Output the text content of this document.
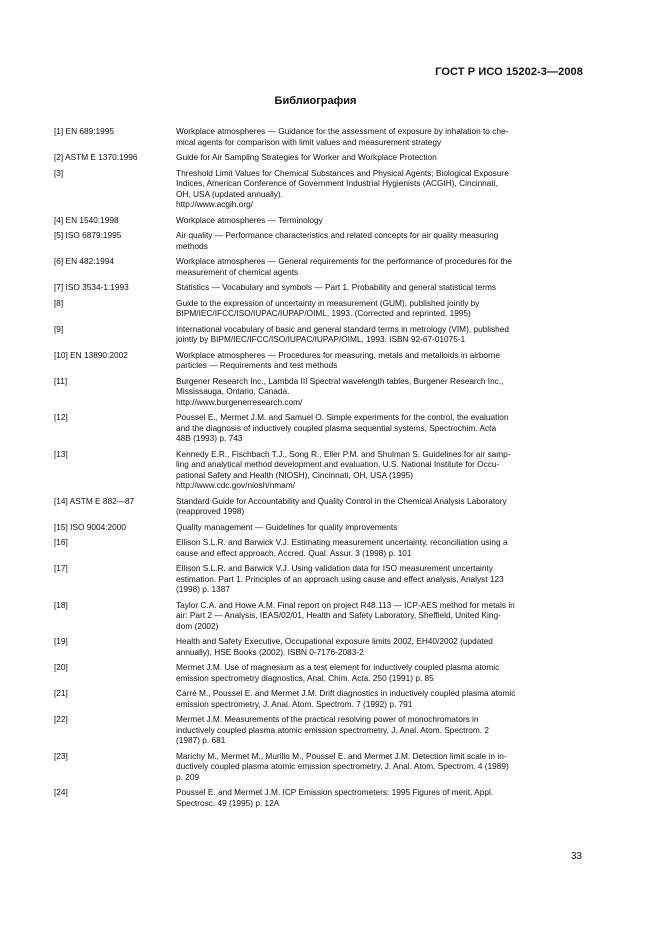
ГОСТ Р ИСО 15202-3—2008
Библиография
[1] EN 689:1995	Workplace atmospheres — Guidance for the assessment of exposure by inhalation to che-
mical agents for comparison with limit values and measurement strategy
[2] ASTM E 1370:1996	Guide for Air Sampling Strategies for Worker and Workplace Protection
[3]	Threshold Limit Values for Chemical Substances and Physical Agents; Biological Exposure
Indices, American Conference of Government Industrial Hygienists (ACGIH), Cincinnati,
OH, USA (updated annually).
http://www.acgih.org/
[4] EN 1540:1998	Workplace atmospheres — Terminology
[5] ISO 6879:1995	Air quality — Performance characteristics and related concepts for air quality measuring
methods
[6] EN 482:1994	Workplace atmospheres — General requirements for the performance of procedures for the
measurement of chemical agents
[7] ISO 3534-1:1993	Statistics — Vocabulary and symbols — Part 1. Probability and general statistical terms
[8]	Guide to the expression of uncertainty in measurement (GUM), published jointly by
BIPM/IEC/IFCC/ISO/IUPAC/IUPAP/OIML, 1993. (Corrected and reprinted, 1995)
[9]	International vocabulary of basic and general standard terms in metrology (VIM), published
jointly by BIPM/IEC/IFCC/ISO/IUPAC/IUPAP/OIML, 1993. ISBN 92-67-01075-1
[10] EN 13890:2002	Workplace atmospheres — Procedures for measuring, metals and metalloids in airborne
particles — Requirements and test methods
[11]	Burgener Research Inc., Lambda III Spectral wavelength tables, Burgener Research Inc.,
Mississauga, Ontario, Canada.
http://www.burgenerresearch.com/
[12]	Poussel E., Mermet J.M. and Samuel O. Simple experiments for the control, the evaluation
and the diagnosis of inductively coupled plasma sequential systems, Spectrochim. Acta
48B (1993) p. 743
[13]	Kennedy E.R., Fischbach T.J., Song R., Eller P.M. and Shulman S. Guidelines for air samp-
ling and analytical method development and evaluation, U.S. National Institute for Occu-
pational Safety and Health (NIOSH), Cincinnati, OH, USA (1995)
http://www.cdc.gov/niosh/nmam/
[14] ASTM E 882—87	Standard Guide for Accountability and Quality Control in the Chemical Analysis Laboratory
(reapproved 1998)
[15] ISO 9004:2000	Quality management — Guidelines for quality improvements
[16]	Ellison S.L.R. and Barwick V.J. Estimating measurement uncertainty. reconciliation using a
cause and effect approach, Accred. Qual. Assur. 3 (1998) p. 101
[17]	Ellison S.L.R. and Barwick V.J. Using validation data for ISO measurement uncertainty
estimation. Part 1. Principles of an approach using cause and effect analysis, Analyst 123
(1998) p. 1387
[18]	Taylor C.A. and Howe A.M. Final report on project R48.113 — ICP-AES method for metals in
air: Part 2 — Analysis, IEAS/02/01, Health and Safety Laboratory, Sheffield, United King-
dom (2002)
[19]	Health and Safety Executive, Occupational exposure limits 2002, EH40/2002 (updated
annually), HSE Books (2002). ISBN 0-7176-2083-2
[20]	Mermet J.M. Use of magnesium as a test element for inductively coupled plasma atomic
emission spectrometry diagnostics, Anal. Chim. Acta. 250 (1991) p. 85
[21]	Carré M., Poussel E. and Mermet J.M. Drift diagnostics in inductively coupled plasma atomic
emission spectrometry, J. Anal. Atom. Spectrom. 7 (1992) p. 791
[22]	Mermet J.M. Measurements of the practical resolving power of monochromators in
inductively coupled plasma atomic emission spectrometry, J. Anal. Atom. Spectrom. 2
(1987) p. 681
[23]	Marichy M., Mermet M., Murillo M., Poussel E. and Mermet J.M. Detection limit scale in in-
ductively coupled plasma atomic emission spectrometry, J. Anal. Atom. Spectrom. 4 (1989)
p. 209
[24]	Poussel E. and Mermet J.M. ICP Emission spectrometers: 1995 Figures of merit, Appl.
Spectrosc. 49 (1995) p. 12A
33
